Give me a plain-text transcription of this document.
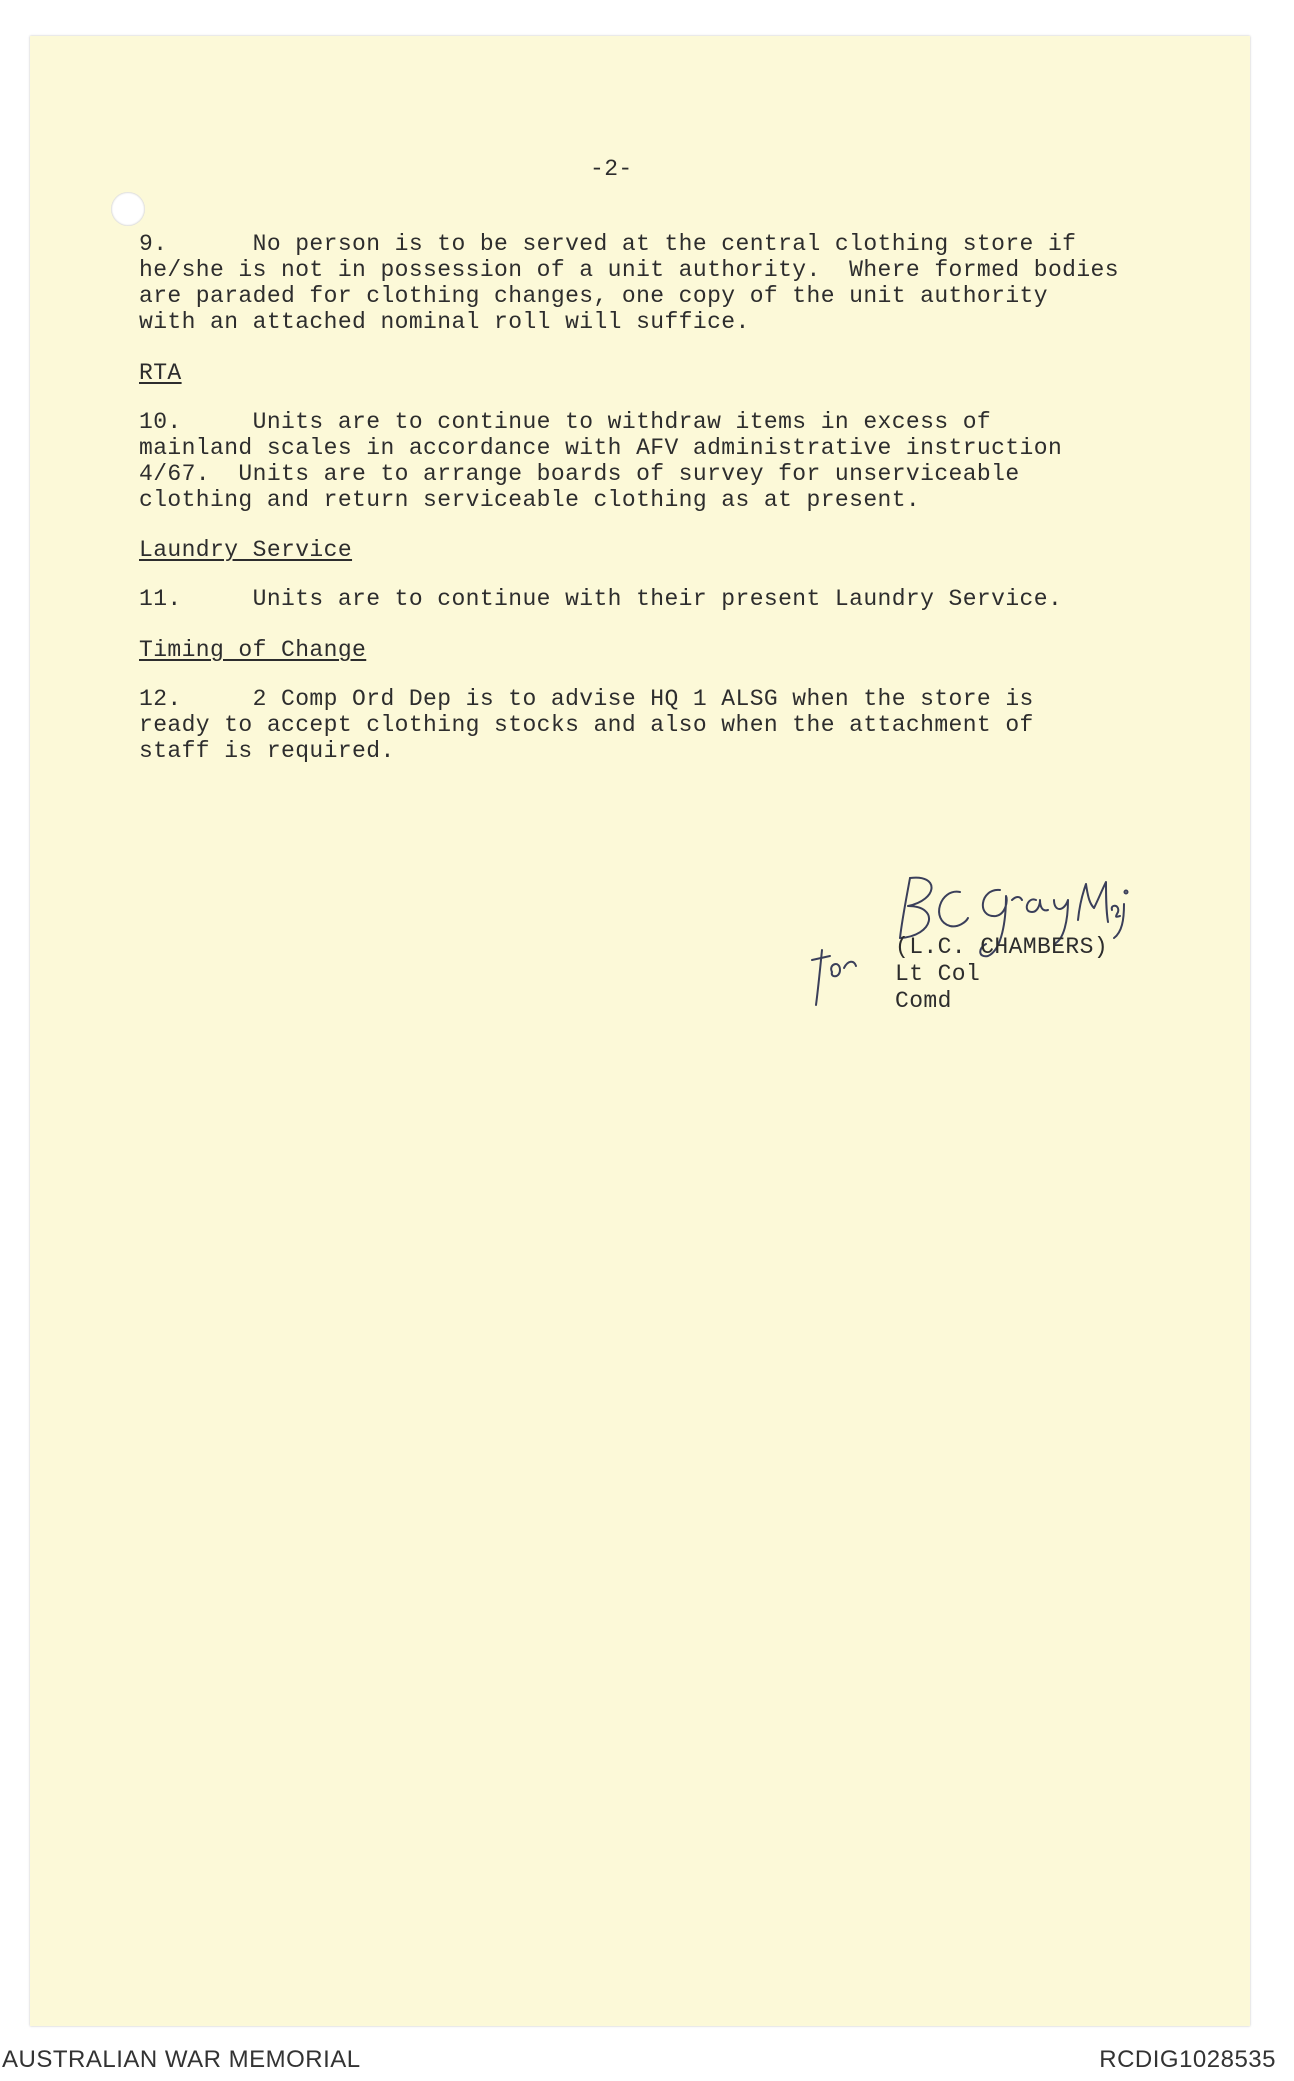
-2-
9.      No person is to be served at the central clothing store if
he/she is not in possession of a unit authority.  Where formed bodies
are paraded for clothing changes, one copy of the unit authority
with an attached nominal roll will suffice.
RTA
10.     Units are to continue to withdraw items in excess of
mainland scales in accordance with AFV administrative instruction
4/67.  Units are to arrange boards of survey for unserviceable
clothing and return serviceable clothing as at present.
Laundry Service
11.     Units are to continue with their present Laundry Service.
Timing of Change
12.     2 Comp Ord Dep is to advise HQ 1 ALSG when the store is
ready to accept clothing stocks and also when the attachment of
staff is required.
(L.C. CHAMBERS)
Lt Col
Comd
AUSTRALIAN WAR MEMORIAL	RCDIG1028535
